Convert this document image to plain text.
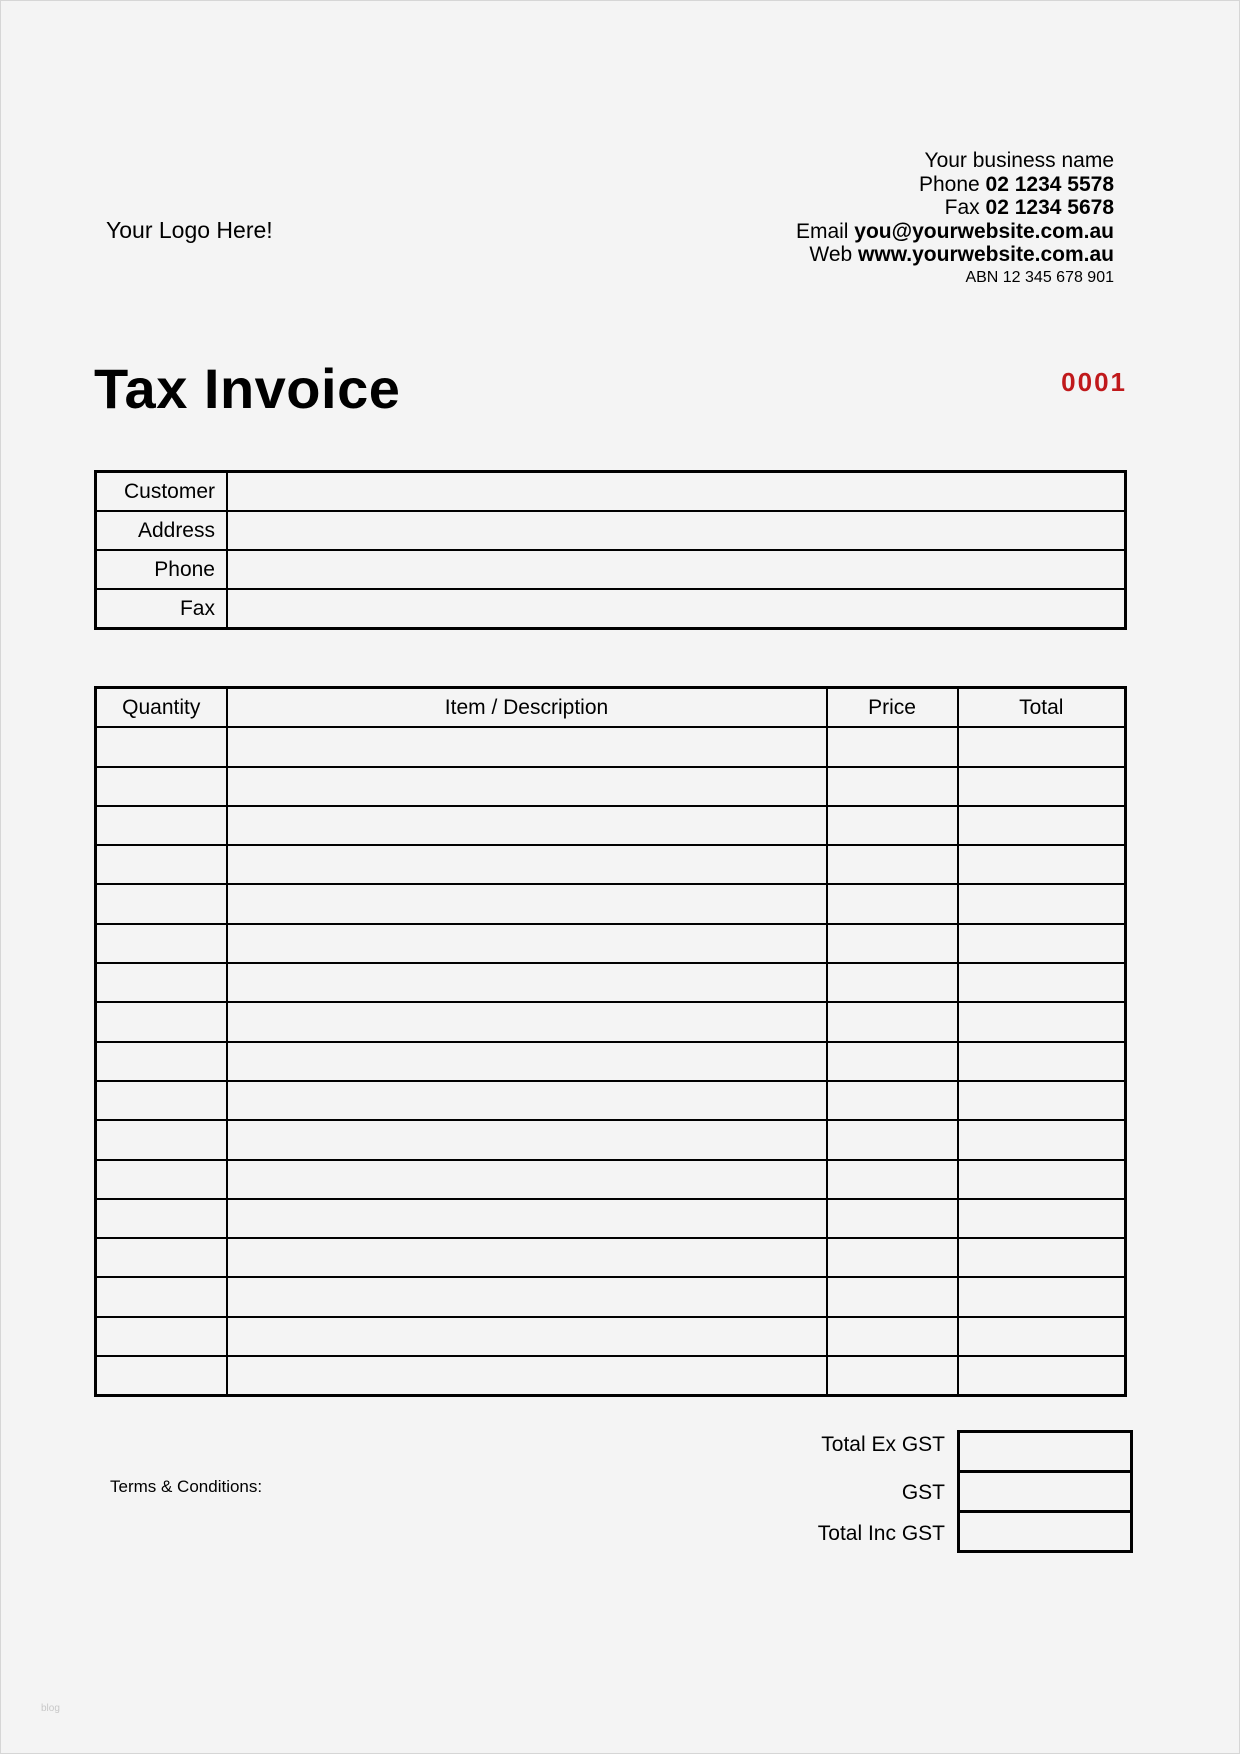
Your Logo Here!
Your business name
Phone 02 1234 5578
Fax 02 1234 5678
Email you@yourwebsite.com.au
Web www.yourwebsite.com.au
ABN 12 345 678 901
Tax Invoice	0001
Customer	
Address	
Phone	
Fax	
Quantity	Item / Description	Price	Total

Total Ex GST
GST
Total Inc GST
Terms & Conditions:
blog
